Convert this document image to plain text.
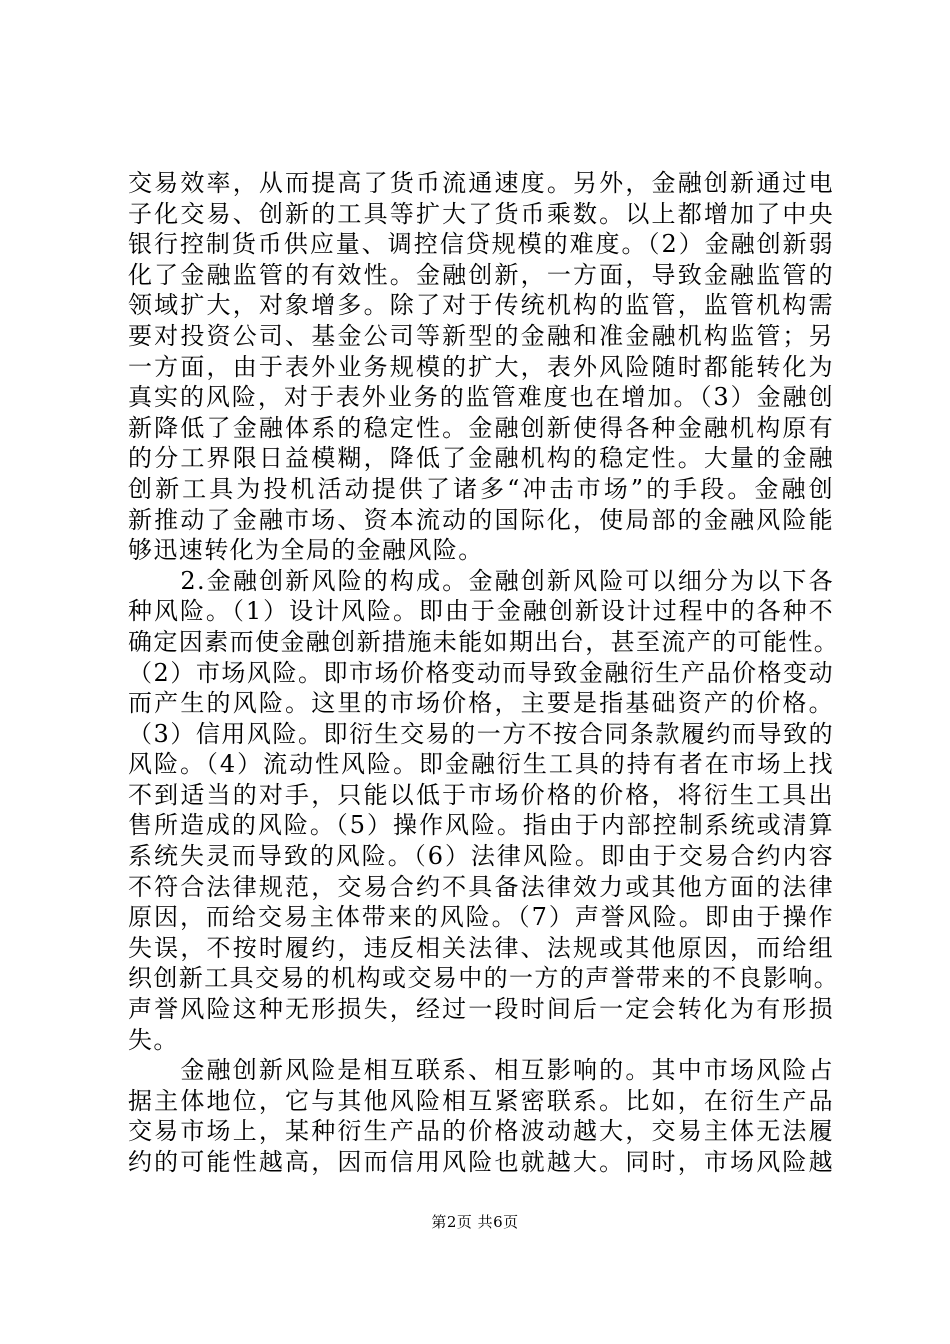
交易效率，从而提高了货币流通速度。另外，金融创新通过电
子化交易、创新的工具等扩大了货币乘数。以上都增加了中央
银行控制货币供应量、调控信贷规模的难度。（2）金融创新弱
化了金融监管的有效性。金融创新，一方面，导致金融监管的
领域扩大，对象增多。除了对于传统机构的监管，监管机构需
要对投资公司、基金公司等新型的金融和准金融机构监管；另
一方面，由于表外业务规模的扩大，表外风险随时都能转化为
真实的风险，对于表外业务的监管难度也在增加。（3）金融创
新降低了金融体系的稳定性。金融创新使得各种金融机构原有
的分工界限日益模糊，降低了金融机构的稳定性。大量的金融
创新工具为投机活动提供了诸多“冲击市场”的手段。金融创
新推动了金融市场、资本流动的国际化，使局部的金融风险能
够迅速转化为全局的金融风险。
　　2.金融创新风险的构成。金融创新风险可以细分为以下各
种风险。（1）设计风险。即由于金融创新设计过程中的各种不
确定因素而使金融创新措施未能如期出台，甚至流产的可能性。
（2）市场风险。即市场价格变动而导致金融衍生产品价格变动
而产生的风险。这里的市场价格，主要是指基础资产的价格。
（3）信用风险。即衍生交易的一方不按合同条款履约而导致的
风险。（4）流动性风险。即金融衍生工具的持有者在市场上找
不到适当的对手，只能以低于市场价格的价格，将衍生工具出
售所造成的风险。（5）操作风险。指由于内部控制系统或清算
系统失灵而导致的风险。（6）法律风险。即由于交易合约内容
不符合法律规范，交易合约不具备法律效力或其他方面的法律
原因，而给交易主体带来的风险。（7）声誉风险。即由于操作
失误，不按时履约，违反相关法律、法规或其他原因，而给组
织创新工具交易的机构或交易中的一方的声誉带来的不良影响。
声誉风险这种无形损失，经过一段时间后一定会转化为有形损
失。
　　金融创新风险是相互联系、相互影响的。其中市场风险占
据主体地位，它与其他风险相互紧密联系。比如，在衍生产品
交易市场上，某种衍生产品的价格波动越大，交易主体无法履
约的可能性越高，因而信用风险也就越大。同时，市场风险越
第2页 共6页
